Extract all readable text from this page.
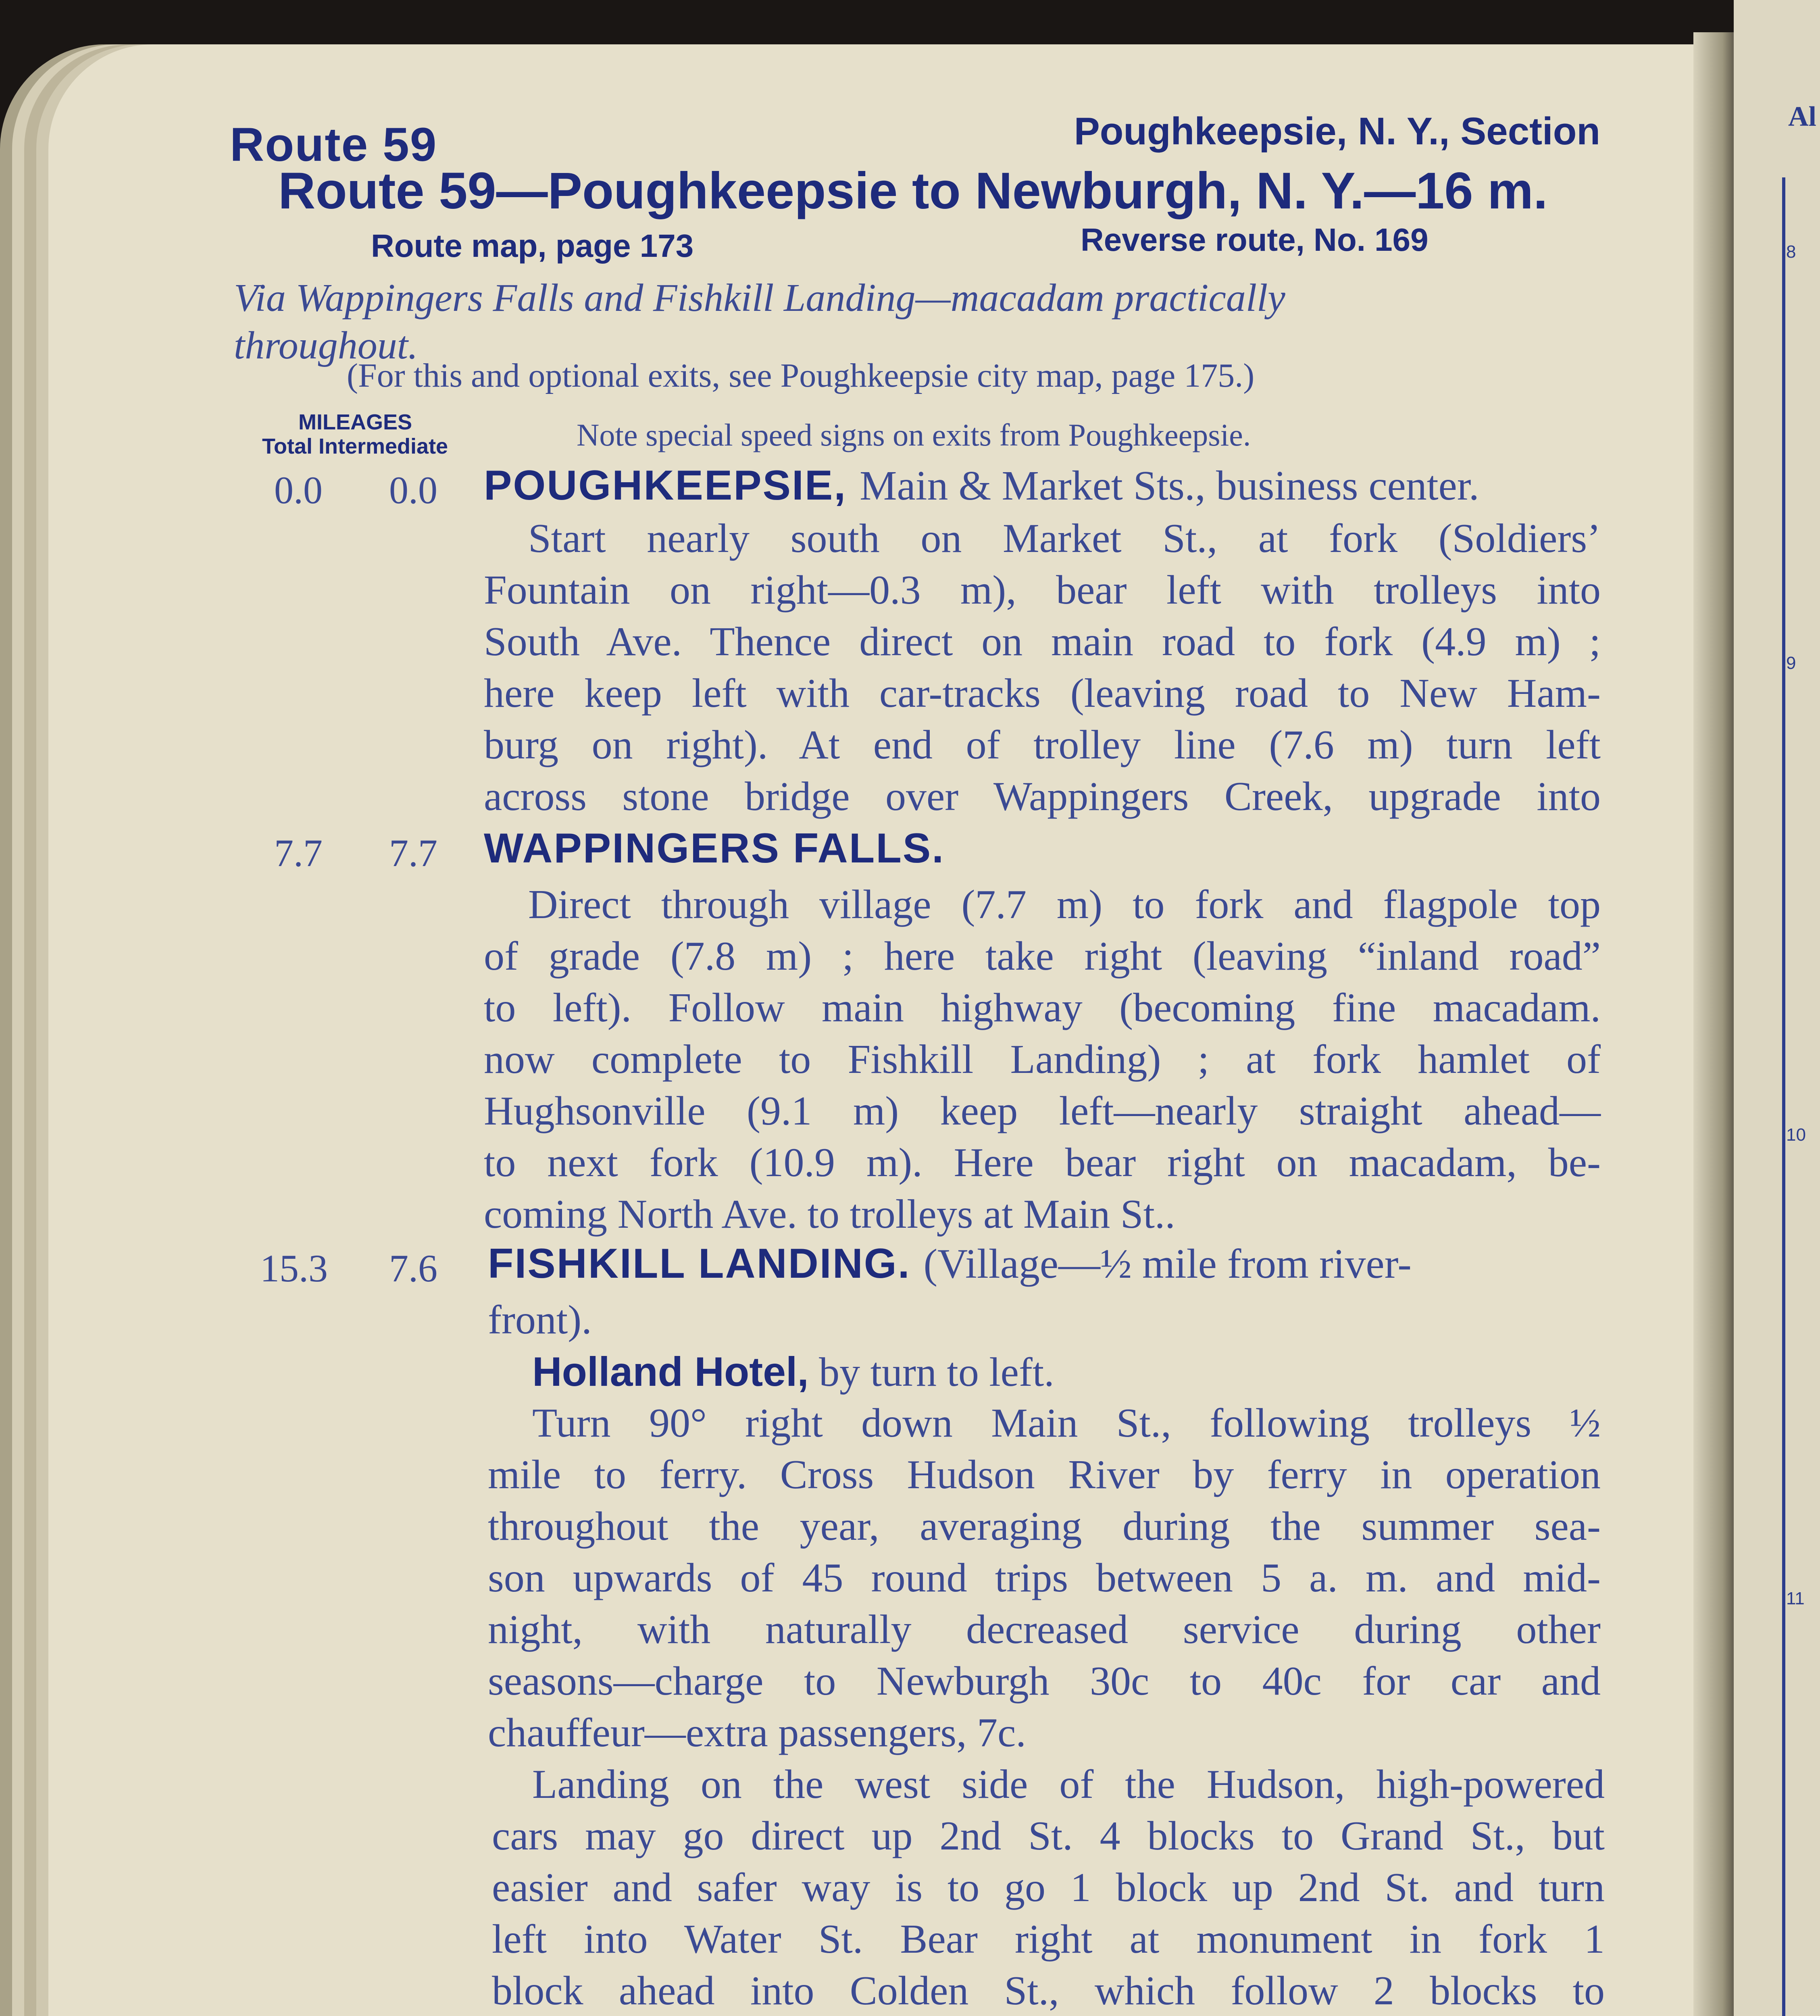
Al
8
9
10
11
Route 59	Poughkeepsie, N. Y., Section
Route 59—Poughkeepsie to Newburgh, N. Y.—16 m.
Route map, page 173	Reverse route, No. 169
Via Wappingers Falls and Fishkill Landing—macadam practically
throughout.
(For this and optional exits, see Poughkeepsie city map, page 175.)
MILEAGES
Total Intermediate	Note special speed signs on exits from Poughkeepsie.
0.0 0.0 POUGHKEEPSIE, Main & Market Sts., business center.
Start nearly south on Market St., at fork (Soldiers’
Fountain on right—0.3 m), bear left with trolleys into
South Ave. Thence direct on main road to fork (4.9 m) ;
here keep left with car-tracks (leaving road to New Ham-
burg on right). At end of trolley line (7.6 m) turn left
across stone bridge over Wappingers Creek, upgrade into
7.7 7.7 WAPPINGERS FALLS.
Direct through village (7.7 m) to fork and flagpole top
of grade (7.8 m) ; here take right (leaving “inland road”
to left). Follow main highway (becoming fine macadam.
now complete to Fishkill Landing) ; at fork hamlet of
Hughsonville (9.1 m) keep left—nearly straight ahead—
to next fork (10.9 m). Here bear right on macadam, be-
coming North Ave. to trolleys at Main St..
15.3 7.6 FISHKILL LANDING. (Village—½ mile from river-
front).
Holland Hotel, by turn to left.
Turn 90° right down Main St., following trolleys ½
mile to ferry. Cross Hudson River by ferry in operation
throughout the year, averaging during the summer sea-
son upwards of 45 round trips between 5 a. m. and mid-
night, with naturally decreased service during other
seasons—charge to Newburgh 30c to 40c for car and
chauffeur—extra passengers, 7c.
Landing on the west side of the Hudson, high-powered
cars may go direct up 2nd St. 4 blocks to Grand St., but
easier and safer way is to go 1 block up 2nd St. and turn
left into Water St. Bear right at monument in fork 1
block ahead into Colden St., which follow 2 blocks to
